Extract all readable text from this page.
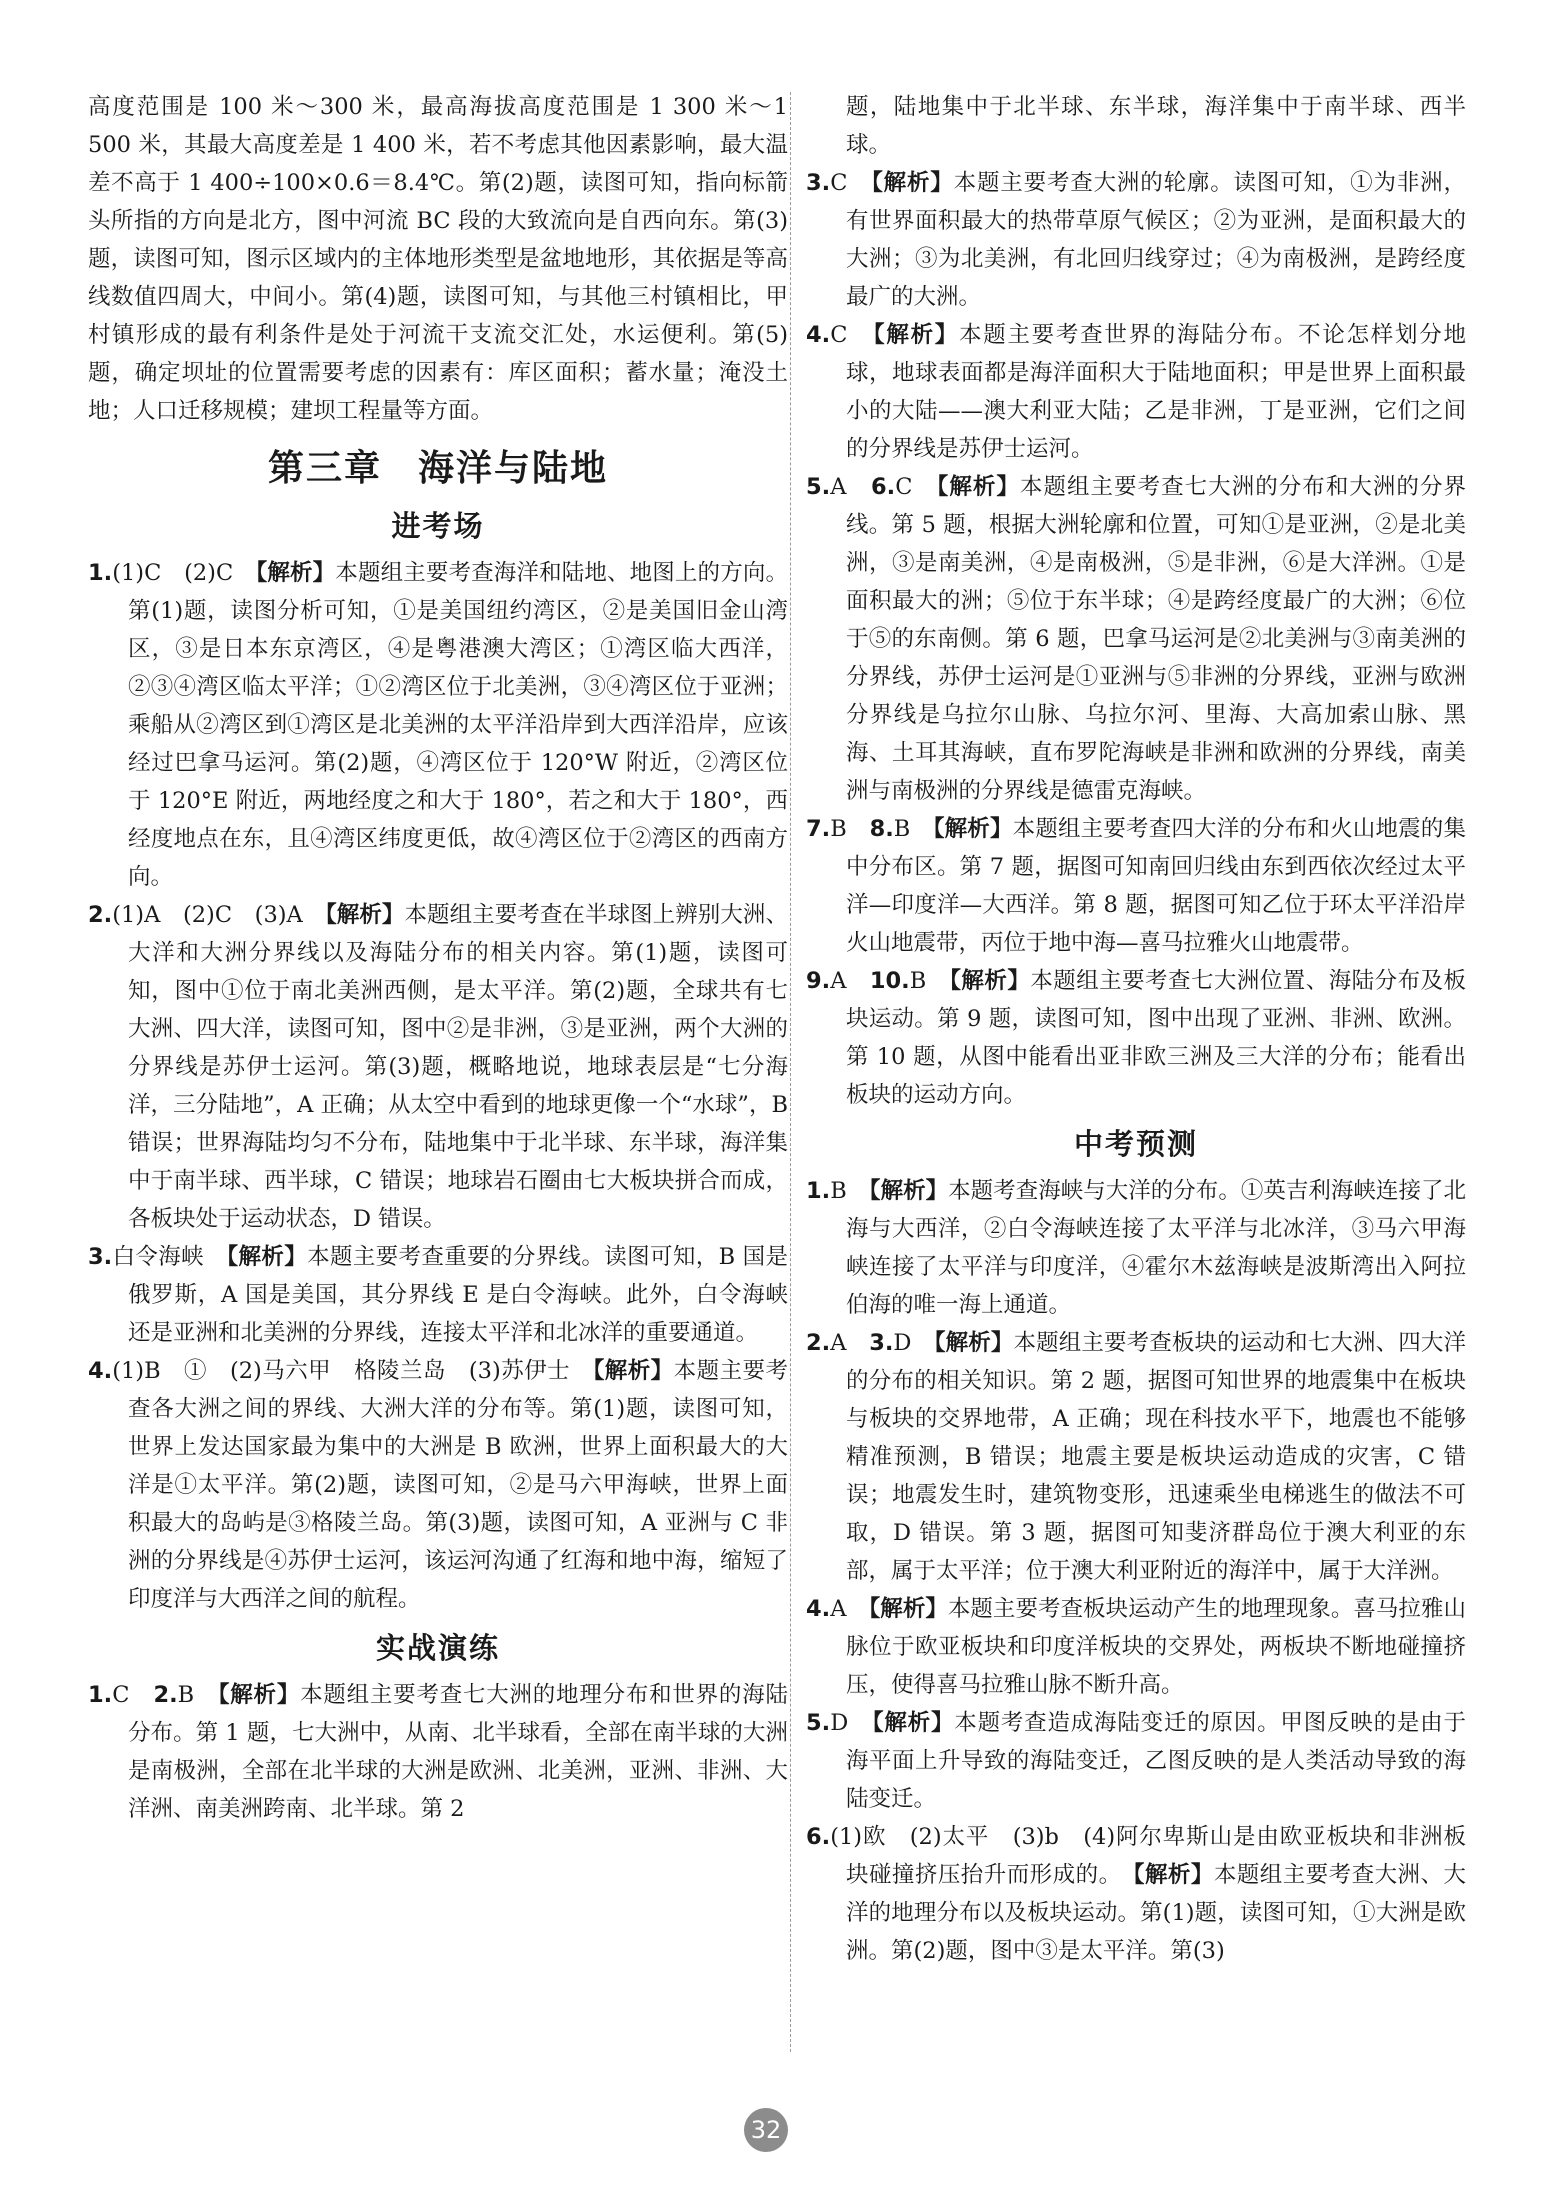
高度范围是 100 米～300 米，最高海拔高度范围是 1 300 米～1 500 米，其最大高度差是 1 400 米，若不考虑其他因素影响，最大温差不高于 1 400÷100×0.6＝8.4℃。第(2)题，读图可知，指向标箭头所指的方向是北方，图中河流 BC 段的大致流向是自西向东。第(3)题，读图可知，图示区域内的主体地形类型是盆地地形，其依据是等高线数值四周大，中间小。第(4)题，读图可知，与其他三村镇相比，甲村镇形成的最有利条件是处于河流干支流交汇处，水运便利。第(5)题，确定坝址的位置需要考虑的因素有：库区面积；蓄水量；淹没土地；人口迁移规模；建坝工程量等方面。

第三章 海洋与陆地
进考场

1.(1)C　(2)C　 【解析】本题组主要考查海洋和陆地、地图上的方向。第(1)题，读图分析可知，①是美国纽约湾区，②是美国旧金山湾区，③是日本东京湾区，④是粤港澳大湾区；①湾区临大西洋，②③④湾区临太平洋；①②湾区位于北美洲，③④湾区位于亚洲；乘船从②湾区到①湾区是北美洲的太平洋沿岸到大西洋沿岸，应该经过巴拿马运河。第(2)题，④湾区位于 120°W 附近，②湾区位于 120°E 附近，两地经度之和大于 180°，若之和大于 180°，西经度地点在东，且④湾区纬度更低，故④湾区位于②湾区的西南方向。

2.(1)A　(2)C　(3)A　 【解析】本题组主要考查在半球图上辨别大洲、大洋和大洲分界线以及海陆分布的相关内容。第(1)题，读图可知，图中①位于南北美洲西侧，是太平洋。第(2)题，全球共有七大洲、四大洋，读图可知，图中②是非洲，③是亚洲，两个大洲的分界线是苏伊士运河。第(3)题，概略地说，地球表层是“七分海洋，三分陆地”，A 正确；从太空中看到的地球更像一个“水球”，B 错误；世界海陆均匀不分布，陆地集中于北半球、东半球，海洋集中于南半球、西半球，C 错误；地球岩石圈由七大板块拼合而成，各板块处于运动状态，D 错误。

3.白令海峡　 【解析】本题主要考查重要的分界线。读图可知，B 国是俄罗斯，A 国是美国，其分界线 E 是白令海峡。此外，白令海峡还是亚洲和北美洲的分界线，连接太平洋和北冰洋的重要通道。

4.(1)B　①　(2)马六甲　格陵兰岛　(3)苏伊士　 【解析】本题主要考查各大洲之间的界线、大洲大洋的分布等。第(1)题，读图可知，世界上发达国家最为集中的大洲是 B 欧洲，世界上面积最大的大洋是①太平洋。第(2)题，读图可知，②是马六甲海峡，世界上面积最大的岛屿是③格陵兰岛。第(3)题，读图可知，A 亚洲与 C 非洲的分界线是④苏伊士运河，该运河沟通了红海和地中海，缩短了印度洋与大西洋之间的航程。

实战演练

1.C　2.B　 【解析】本题组主要考查七大洲的地理分布和世界的海陆分布。第 1 题，七大洲中，从南、北半球看，全部在南半球的大洲是南极洲，全部在北半球的大洲是欧洲、北美洲，亚洲、非洲、大洋洲、南美洲跨南、北半球。第 2

题，陆地集中于北半球、东半球，海洋集中于南半球、西半球。

3.C　 【解析】本题主要考查大洲的轮廓。读图可知，①为非洲，有世界面积最大的热带草原气候区；②为亚洲，是面积最大的大洲；③为北美洲，有北回归线穿过；④为南极洲，是跨经度最广的大洲。

4.C　 【解析】本题主要考查世界的海陆分布。不论怎样划分地球，地球表面都是海洋面积大于陆地面积；甲是世界上面积最小的大陆——澳大利亚大陆；乙是非洲，丁是亚洲，它们之间的分界线是苏伊士运河。

5.A　6.C　 【解析】本题组主要考查七大洲的分布和大洲的分界线。第 5 题，根据大洲轮廓和位置，可知①是亚洲，②是北美洲，③是南美洲，④是南极洲，⑤是非洲，⑥是大洋洲。①是面积最大的洲；⑤位于东半球；④是跨经度最广的大洲；⑥位于⑤的东南侧。第 6 题，巴拿马运河是②北美洲与③南美洲的分界线，苏伊士运河是①亚洲与⑤非洲的分界线，亚洲与欧洲分界线是乌拉尔山脉、乌拉尔河、里海、大高加索山脉、黑海、土耳其海峡，直布罗陀海峡是非洲和欧洲的分界线，南美洲与南极洲的分界线是德雷克海峡。

7.B　8.B　 【解析】本题组主要考查四大洋的分布和火山地震的集中分布区。第 7 题，据图可知南回归线由东到西依次经过太平洋—印度洋—大西洋。第 8 题，据图可知乙位于环太平洋沿岸火山地震带，丙位于地中海—喜马拉雅火山地震带。

9.A　10.B　 【解析】本题组主要考查七大洲位置、海陆分布及板块运动。第 9 题，读图可知，图中出现了亚洲、非洲、欧洲。第 10 题，从图中能看出亚非欧三洲及三大洋的分布；能看出板块的运动方向。

中考预测

1.B　 【解析】本题考查海峡与大洋的分布。①英吉利海峡连接了北海与大西洋，②白令海峡连接了太平洋与北冰洋，③马六甲海峡连接了太平洋与印度洋，④霍尔木兹海峡是波斯湾出入阿拉伯海的唯一海上通道。

2.A　3.D　 【解析】本题组主要考查板块的运动和七大洲、四大洋的分布的相关知识。第 2 题，据图可知世界的地震集中在板块与板块的交界地带，A 正确；现在科技水平下，地震也不能够精准预测，B 错误；地震主要是板块运动造成的灾害，C 错误；地震发生时，建筑物变形，迅速乘坐电梯逃生的做法不可取，D 错误。第 3 题，据图可知斐济群岛位于澳大利亚的东部，属于太平洋；位于澳大利亚附近的海洋中，属于大洋洲。

4.A　 【解析】本题主要考查板块运动产生的地理现象。喜马拉雅山脉位于欧亚板块和印度洋板块的交界处，两板块不断地碰撞挤压，使得喜马拉雅山脉不断升高。

5.D　 【解析】本题考查造成海陆变迁的原因。甲图反映的是由于海平面上升导致的海陆变迁，乙图反映的是人类活动导致的海陆变迁。

6.(1)欧　(2)太平　(3)b　(4)阿尔卑斯山是由欧亚板块和非洲板块碰撞挤压抬升而形成的。　 【解析】本题组主要考查大洲、大洋的地理分布以及板块运动。第(1)题，读图可知，①大洲是欧洲。第(2)题，图中③是太平洋。第(3)

32
